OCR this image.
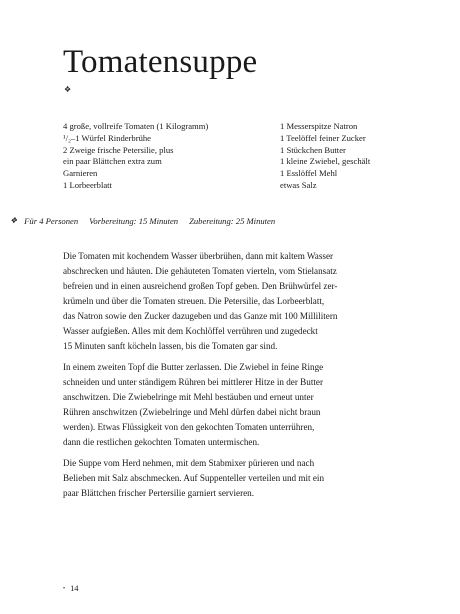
Tomatensuppe
❖
4 große, vollreife Tomaten (1 Kilogramm)
¹/₂–1 Würfel Rinderbrühe
2 Zweige frische Petersilie, plus
ein paar Blättchen extra zum
Garnieren
1 Lorbeerblatt
1 Messerspitze Natron
1 Teelöffel feiner Zucker
1 Stückchen Butter
1 kleine Zwiebel, geschält
1 Esslöffel Mehl
etwas Salz
❖ Für 4 Personen Vorbereitung: 15 Minuten Zubereitung: 25 Minuten

Die Tomaten mit kochendem Wasser überbrühen, dann mit kaltem Wasser
abschrecken und häuten. Die gehäuteten Tomaten vierteln, vom Stielansatz
befreien und in einen ausreichend großen Topf geben. Den Brühwürfel zer-
krümeln und über die Tomaten streuen. Die Petersilie, das Lorbeerblatt,
das Natron sowie den Zucker dazugeben und das Ganze mit 100 Millilitern
Wasser aufgießen. Alles mit dem Kochlöffel verrühren und zugedeckt
15 Minuten sanft köcheln lassen, bis die Tomaten gar sind.

In einem zweiten Topf die Butter zerlassen. Die Zwiebel in feine Ringe
schneiden und unter ständigem Rühren bei mittlerer Hitze in der Butter
anschwitzen. Die Zwiebelringe mit Mehl bestäuben und erneut unter
Rühren anschwitzen (Zwiebelringe und Mehl dürfen dabei nicht braun
werden). Etwas Flüssigkeit von den gekochten Tomaten unterrühren,
dann die restlichen gekochten Tomaten untermischen.

Die Suppe vom Herd nehmen, mit dem Stabmixer pürieren und nach
Belieben mit Salz abschmecken. Auf Suppenteller verteilen und mit ein
paar Blättchen frischer Pertersilie garniert servieren.

• 14
